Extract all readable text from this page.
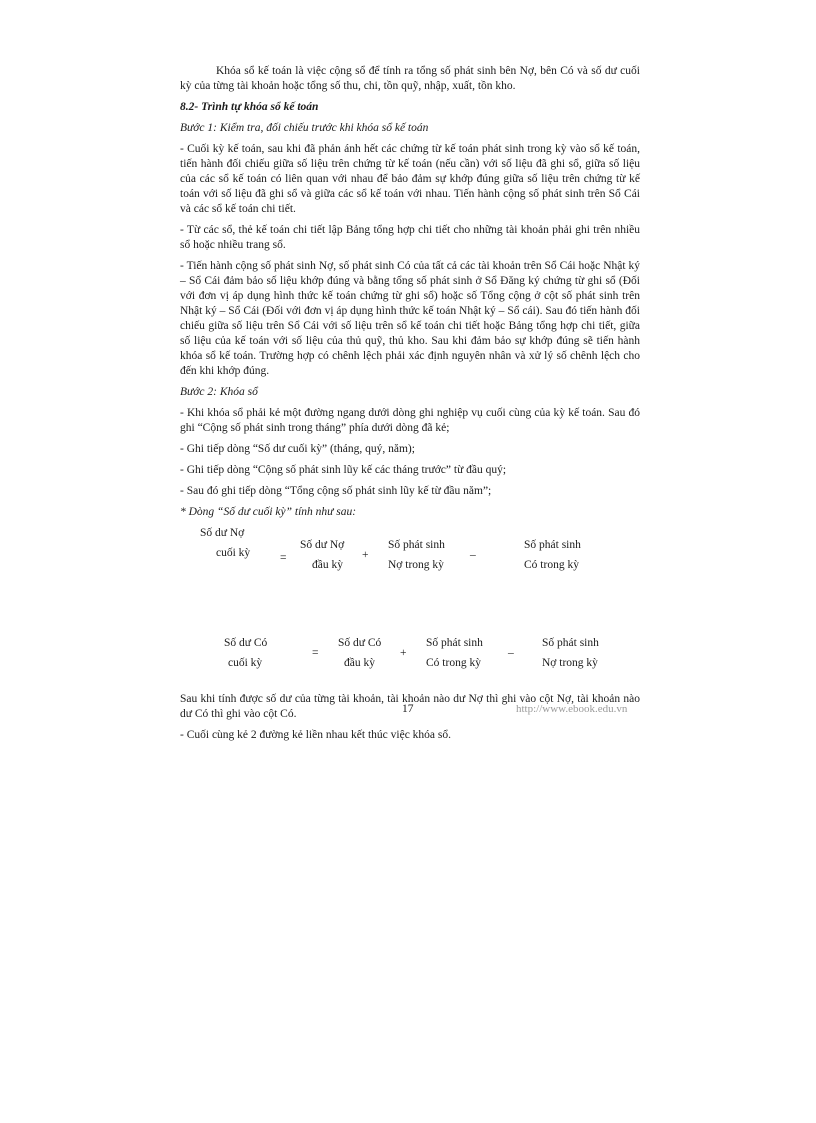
Khóa sổ kế toán là việc cộng sổ để tính ra tổng số phát sinh bên Nợ, bên Có và số dư cuối kỳ của từng tài khoản hoặc tổng số thu, chi, tồn quỹ, nhập, xuất, tồn kho.

8.2- Trình tự khóa sổ kế toán

Bước 1: Kiểm tra, đối chiếu trước khi khóa sổ kế toán

- Cuối kỳ kế toán, sau khi đã phản ánh hết các chứng từ kế toán phát sinh trong kỳ vào sổ kế toán, tiến hành đối chiếu giữa số liệu trên chứng từ kế toán (nếu cần) với số liệu đã ghi sổ, giữa số liệu của các sổ kế toán có liên quan với nhau để bảo đảm sự khớp đúng giữa số liệu trên chứng từ kế toán với số liệu đã ghi sổ và giữa các sổ kế toán với nhau. Tiến hành cộng số phát sinh trên Sổ Cái và các sổ kế toán chi tiết.

- Từ các sổ, thẻ kế toán chi tiết lập Bảng tổng hợp chi tiết cho những tài khoản phải ghi trên nhiều sổ hoặc nhiều trang sổ.

- Tiến hành cộng số phát sinh Nợ, số phát sinh Có của tất cả các tài khoản trên Sổ Cái hoặc Nhật ký – Sổ Cái đảm bảo số liệu khớp đúng và bằng tổng số phát sinh ở Sổ Đăng ký chứng từ ghi sổ (Đối với đơn vị áp dụng hình thức kế toán chứng từ ghi sổ) hoặc số Tổng cộng ở cột số phát sinh trên Nhật ký – Sổ Cái (Đối với đơn vị áp dụng hình thức kế toán Nhật ký – Sổ cái). Sau đó tiến hành đối chiếu giữa số liệu trên Sổ Cái với số liệu trên sổ kế toán chi tiết hoặc Bảng tổng hợp chi tiết, giữa số liệu của kế toán với số liệu của thủ quỹ, thủ kho. Sau khi đảm bảo sự khớp đúng sẽ tiến hành khóa sổ kế toán. Trường hợp có chênh lệch phải xác định nguyên nhân và xử lý số chênh lệch cho đến khi khớp đúng.

Bước 2: Khóa sổ

- Khi khóa sổ phải kẻ một đường ngang dưới dòng ghi nghiệp vụ cuối cùng của kỳ kế toán. Sau đó ghi “Cộng số phát sinh trong tháng” phía dưới dòng đã kẻ;

- Ghi tiếp dòng “Số dư cuối kỳ” (tháng, quý, năm);

- Ghi tiếp dòng “Cộng số phát sinh lũy kế các tháng trước” từ đầu quý;

- Sau đó ghi tiếp dòng “Tổng cộng số phát sinh lũy kế từ đầu năm”;

* Dòng “Số dư cuối kỳ” tính như sau:

Số dư Nợ
cuối kỳ	=
Số dư Nợ
đầu kỳ
+
Số phát sinh
Nợ trong kỳ
_	Số phát sinh
Có trong kỳ
Số dư Có
cuối kỳ
=
Số dư Có
đầu kỳ
+
Số phát sinh
Có trong kỳ
_ Số phát sinh
Nợ trong kỳ

Sau khi tính được số dư của từng tài khoản, tài khoản nào dư Nợ thì ghi vào cột Nợ, tài khoản nào dư Có thì ghi vào cột Có.

- Cuối cùng kẻ 2 đường kẻ liền nhau kết thúc việc khóa sổ.

17	http://www.ebook.edu.vn
